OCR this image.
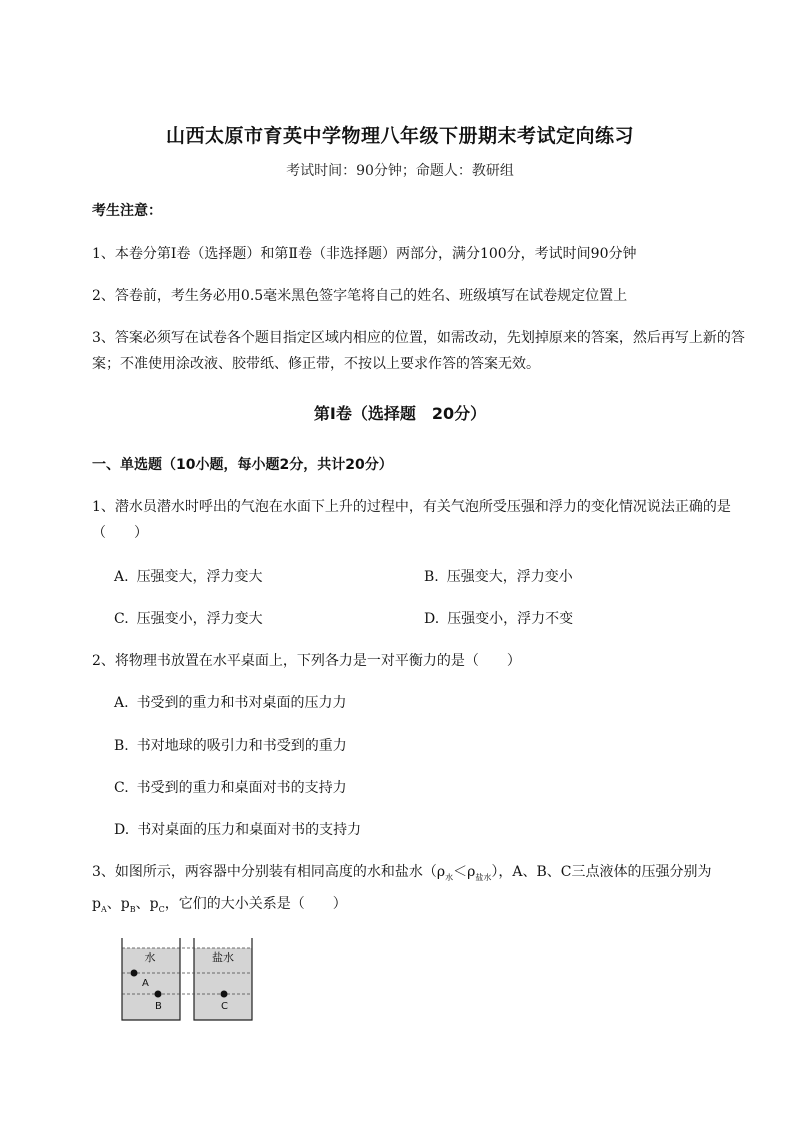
山西太原市育英中学物理八年级下册期末考试定向练习
考试时间：90分钟；命题人：教研组
考生注意：
1、本卷分第Ⅰ卷（选择题）和第Ⅱ卷（非选择题）两部分，满分100分，考试时间90分钟
2、答卷前，考生务必用0.5毫米黑色签字笔将自己的姓名、班级填写在试卷规定位置上
3、答案必须写在试卷各个题目指定区域内相应的位置，如需改动，先划掉原来的答案，然后再写上新的答案；不准使用涂改液、胶带纸、修正带，不按以上要求作答的答案无效。
第Ⅰ卷（选择题　20分）
一、单选题（10小题，每小题2分，共计20分）
1、潜水员潜水时呼出的气泡在水面下上升的过程中，有关气泡所受压强和浮力的变化情况说法正确的是（　　）
A. 压强变大，浮力变大	B. 压强变大，浮力变小
C. 压强变小，浮力变大	D. 压强变小，浮力不变
2、将物理书放置在水平桌面上，下列各力是一对平衡力的是（　　）
A. 书受到的重力和书对桌面的压力力
B. 书对地球的吸引力和书受到的重力
C. 书受到的重力和桌面对书的支持力
D. 书对桌面的压力和桌面对书的支持力
3、如图所示，两容器中分别装有相同高度的水和盐水$(\rho_水<\rho_{盐水})$，A、B、C三点液体的压强分别为
$p_A$、$p_B$、$p_C$，它们的大小关系是（　　）
水	盐水
A
B	C
